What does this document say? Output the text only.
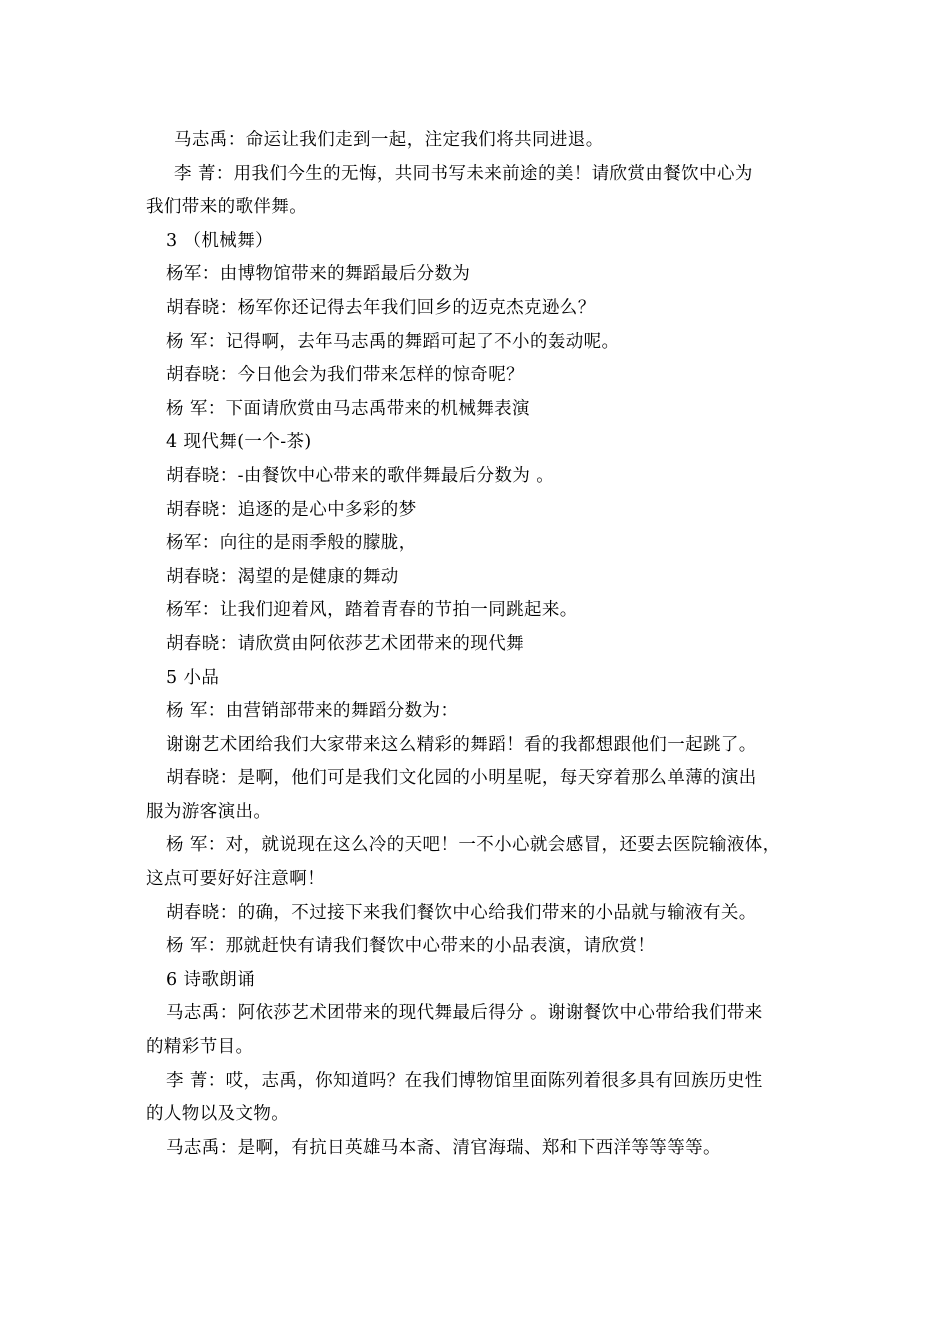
马志禹：命运让我们走到一起，注定我们将共同进退。
李 菁：用我们今生的无悔，共同书写未来前途的美！请欣赏由餐饮中心为
我们带来的歌伴舞。
3 （机械舞）
杨军：由博物馆带来的舞蹈最后分数为
胡春晓：杨军你还记得去年我们回乡的迈克杰克逊么？
杨 军：记得啊，去年马志禹的舞蹈可起了不小的轰动呢。
胡春晓：今日他会为我们带来怎样的惊奇呢？
杨 军：下面请欣赏由马志禹带来的机械舞表演
4 现代舞(一个-茶)
胡春晓：-由餐饮中心带来的歌伴舞最后分数为 。
胡春晓：追逐的是心中多彩的梦
杨军：向往的是雨季般的朦胧，
胡春晓：渴望的是健康的舞动
杨军：让我们迎着风，踏着青春的节拍一同跳起来。
胡春晓：请欣赏由阿依莎艺术团带来的现代舞
5 小品
杨 军：由营销部带来的舞蹈分数为：
谢谢艺术团给我们大家带来这么精彩的舞蹈！看的我都想跟他们一起跳了。
胡春晓：是啊，他们可是我们文化园的小明星呢，每天穿着那么单薄的演出
服为游客演出。
杨 军：对，就说现在这么冷的天吧！一不小心就会感冒，还要去医院输液体，
这点可要好好注意啊！
胡春晓：的确，不过接下来我们餐饮中心给我们带来的小品就与输液有关。
杨 军：那就赶快有请我们餐饮中心带来的小品表演，请欣赏！
6 诗歌朗诵
马志禹：阿依莎艺术团带来的现代舞最后得分 。谢谢餐饮中心带给我们带来
的精彩节目。
李 菁：哎，志禹，你知道吗？在我们博物馆里面陈列着很多具有回族历史性
的人物以及文物。
马志禹：是啊，有抗日英雄马本斋、清官海瑞、郑和下西洋等等等等。
